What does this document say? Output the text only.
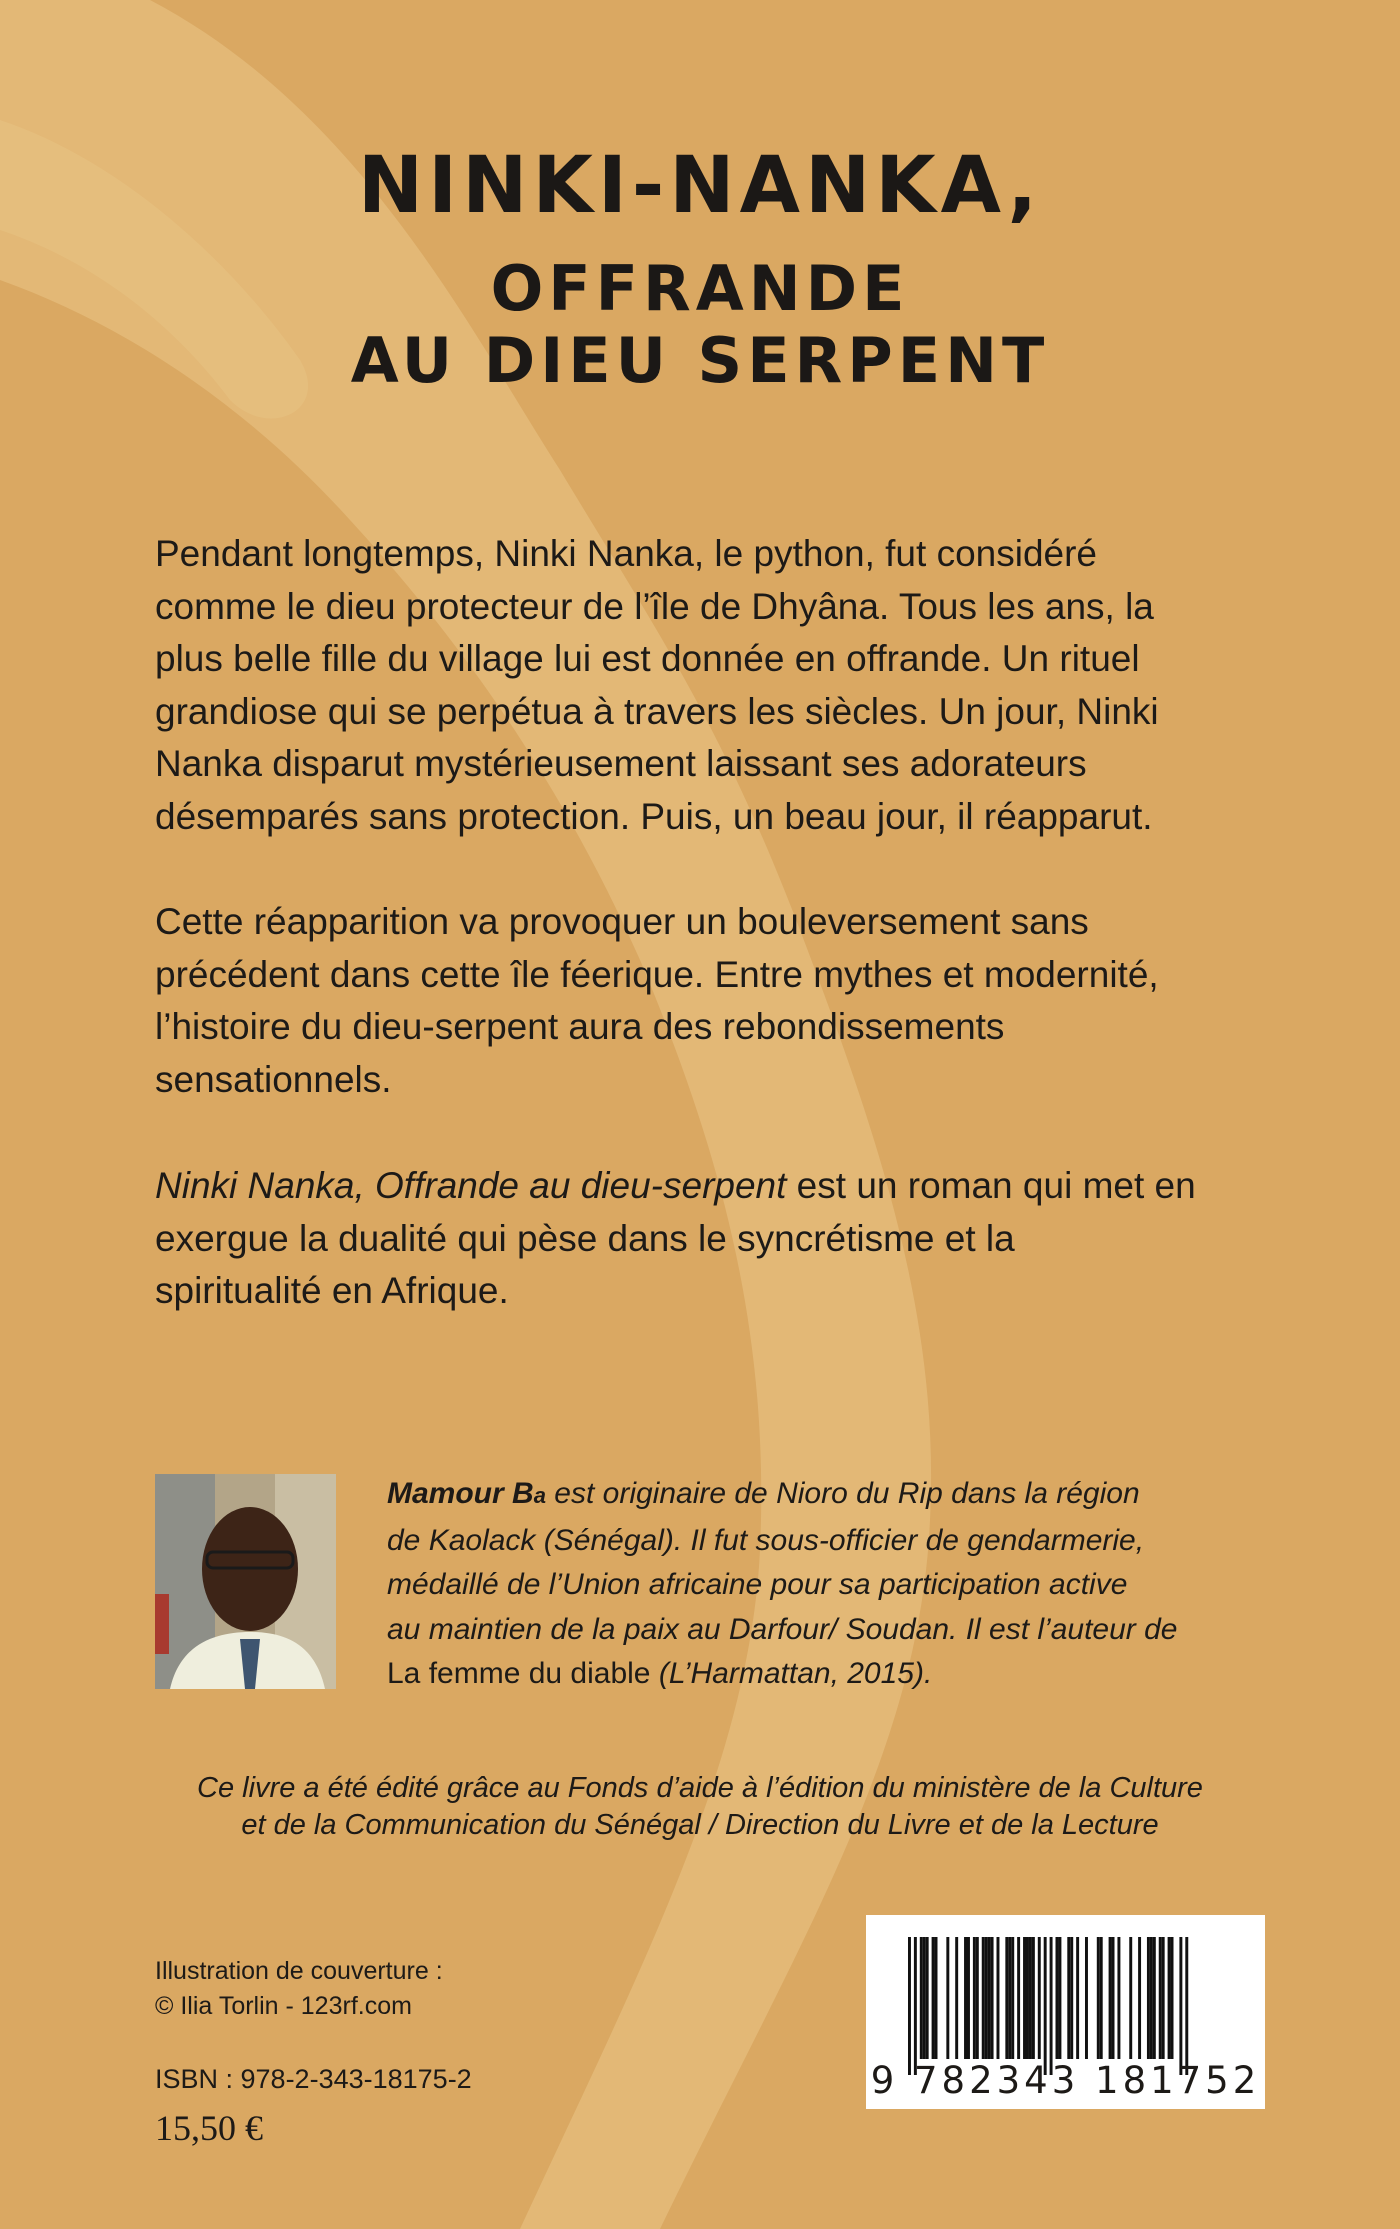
NINKI-NANKA,
OFFRANDE
AU DIEU SERPENT
Pendant longtemps, Ninki Nanka, le python, fut considéré
comme le dieu protecteur de l’île de Dhyâna. Tous les ans, la
plus belle fille du village lui est donnée en offrande. Un rituel
grandiose qui se perpétua à travers les siècles. Un jour, Ninki
Nanka disparut mystérieusement laissant ses adorateurs
désemparés sans protection. Puis, un beau jour, il réapparut.
Cette réapparition va provoquer un bouleversement sans
précédent dans cette île féerique. Entre mythes et modernité,
l’histoire du dieu-serpent aura des rebondissements
sensationnels.
Ninki Nanka, Offrande au dieu-serpent est un roman qui met en
exergue la dualité qui pèse dans le syncrétisme et la
spiritualité en Afrique.
Mamour Ba est originaire de Nioro du Rip dans la région
de Kaolack (Sénégal). Il fut sous-officier de gendarmerie,
médaillé de l’Union africaine pour sa participation active
au maintien de la paix au Darfour/ Soudan. Il est l’auteur de
La femme du diable (L’Harmattan, 2015).
Ce livre a été édité grâce au Fonds d’aide à l’édition du ministère de la Culture
et de la Communication du Sénégal / Direction du Livre et de la Lecture
Illustration de couverture :
© Ilia Torlin - 123rf.com
ISBN : 978-2-343-18175-2
15,50 €
9 782343 181752
